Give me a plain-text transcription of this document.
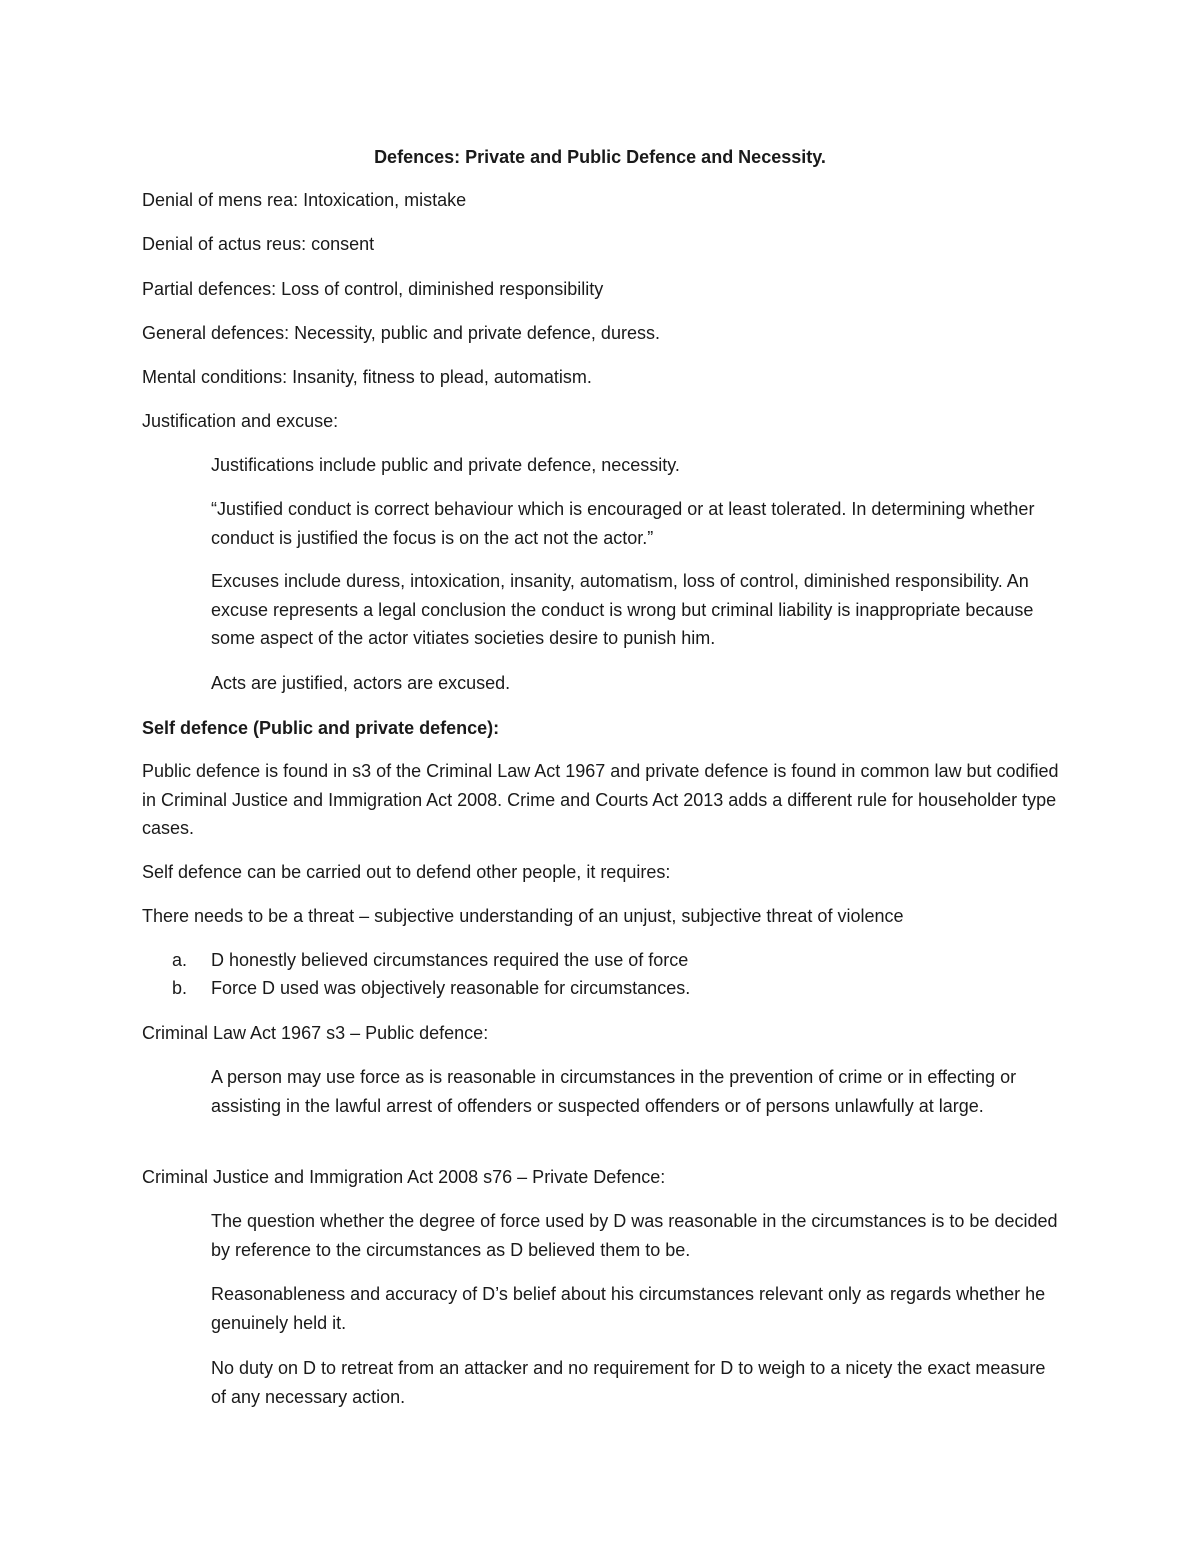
Defences: Private and Public Defence and Necessity.

Denial of mens rea: Intoxication, mistake

Denial of actus reus: consent

Partial defences: Loss of control, diminished responsibility

General defences: Necessity, public and private defence, duress.

Mental conditions: Insanity, fitness to plead, automatism.

Justification and excuse:

Justifications include public and private defence, necessity.

“Justified conduct is correct behaviour which is encouraged or at least tolerated. In determining whether conduct is justified the focus is on the act not the actor.”

Excuses include duress, intoxication, insanity, automatism, loss of control, diminished responsibility. An excuse represents a legal conclusion the conduct is wrong but criminal liability is inappropriate because some aspect of the actor vitiates societies desire to punish him.

Acts are justified, actors are excused.

Self defence (Public and private defence):

Public defence is found in s3 of the Criminal Law Act 1967 and private defence is found in common law but codified in Criminal Justice and Immigration Act 2008. Crime and Courts Act 2013 adds a different rule for householder type cases.

Self defence can be carried out to defend other people, it requires:

There needs to be a threat – subjective understanding of an unjust, subjective threat of violence

a. D honestly believed circumstances required the use of force
b. Force D used was objectively reasonable for circumstances.

Criminal Law Act 1967 s3 – Public defence:

A person may use force as is reasonable in circumstances in the prevention of crime or in effecting or assisting in the lawful arrest of offenders or suspected offenders or of persons unlawfully at large.

Criminal Justice and Immigration Act 2008 s76 – Private Defence:

The question whether the degree of force used by D was reasonable in the circumstances is to be decided by reference to the circumstances as D believed them to be.

Reasonableness and accuracy of D’s belief about his circumstances relevant only as regards whether he genuinely held it.

No duty on D to retreat from an attacker and no requirement for D to weigh to a nicety the exact measure of any necessary action.
